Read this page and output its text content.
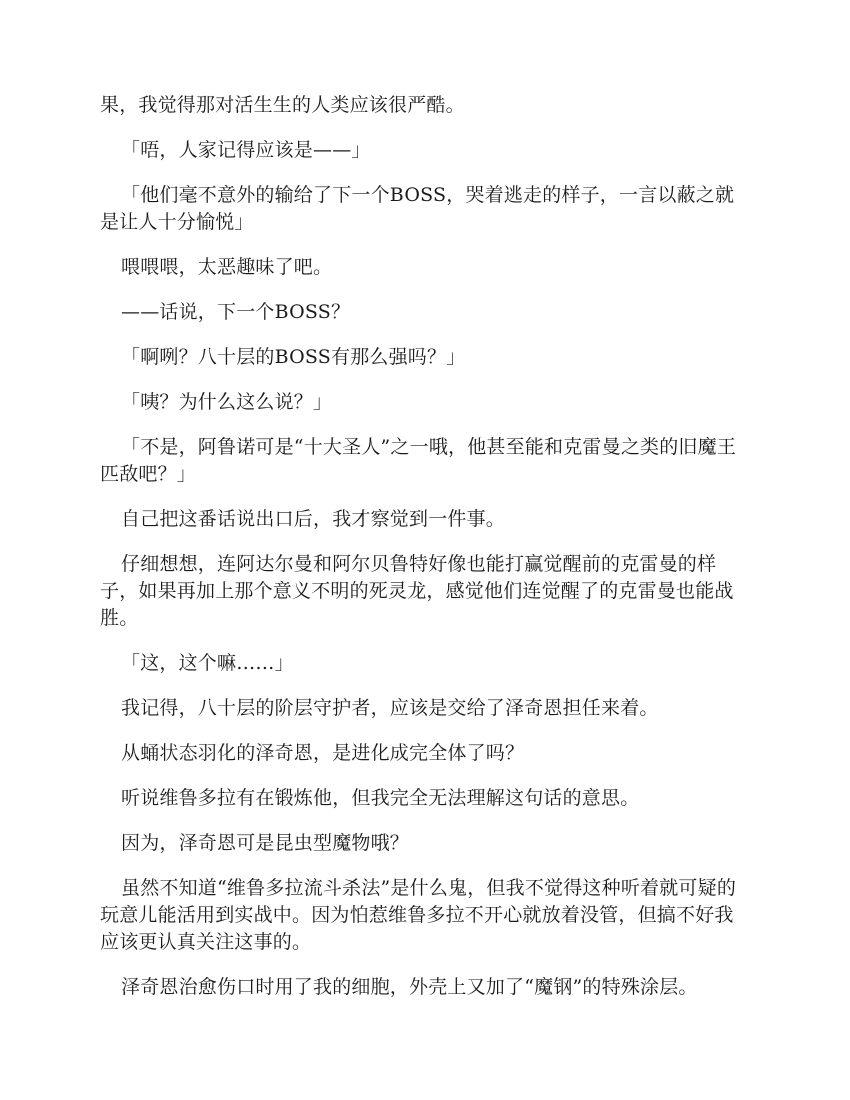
果，我觉得那对活生生的人类应该很严酷。

「唔，人家记得应该是——」

「他们毫不意外的输给了下一个BOSS，哭着逃走的样子，一言以蔽之就是让人十分愉悦」

喂喂喂，太恶趣味了吧。

——话说，下一个BOSS？

「啊咧？八十层的BOSS有那么强吗？」

「咦？为什么这么说？」

「不是，阿鲁诺可是“十大圣人”之一哦，他甚至能和克雷曼之类的旧魔王匹敌吧？」

自己把这番话说出口后，我才察觉到一件事。

仔细想想，连阿达尔曼和阿尔贝鲁特好像也能打赢觉醒前的克雷曼的样子，如果再加上那个意义不明的死灵龙，感觉他们连觉醒了的克雷曼也能战胜。

「这，这个嘛……」

我记得，八十层的阶层守护者，应该是交给了泽奇恩担任来着。

从蛹状态羽化的泽奇恩，是进化成完全体了吗？

听说维鲁多拉有在锻炼他，但我完全无法理解这句话的意思。

因为，泽奇恩可是昆虫型魔物哦？

虽然不知道“维鲁多拉流斗杀法”是什么鬼，但我不觉得这种听着就可疑的玩意儿能活用到实战中。因为怕惹维鲁多拉不开心就放着没管，但搞不好我应该更认真关注这事的。

泽奇恩治愈伤口时用了我的细胞，外壳上又加了“魔钢”的特殊涂层。
